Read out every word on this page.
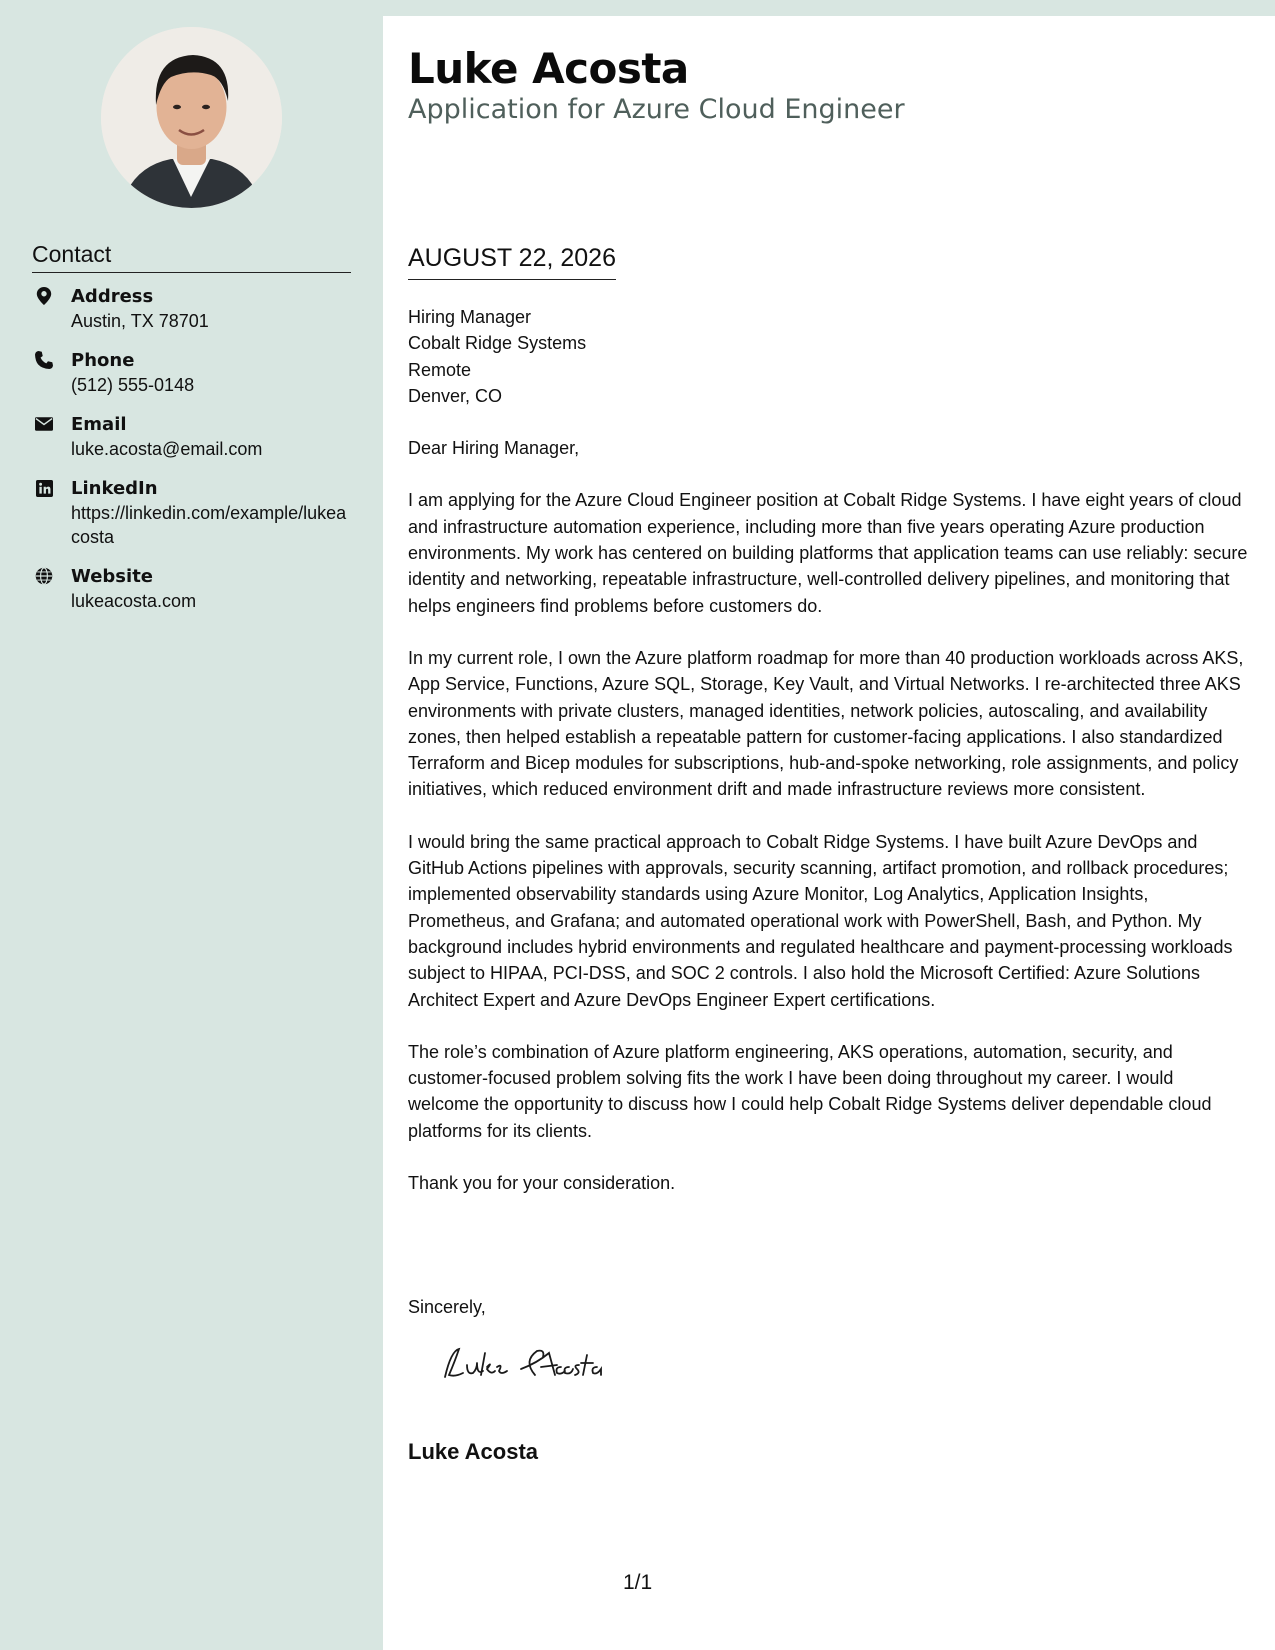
Contact
Address
Austin, TX 78701
Phone
(512) 555-0148
Email
luke.acosta@email.com
LinkedIn
https://linkedin.com/example/lukeacosta
Website
lukeacosta.com
Luke Acosta
Application for Azure Cloud Engineer
AUGUST 22, 2026
Hiring Manager
Cobalt Ridge Systems
Remote
Denver, CO
Dear Hiring Manager,
I am applying for the Azure Cloud Engineer position at Cobalt Ridge Systems. I have eight years of cloud and infrastructure automation experience, including more than five years operating Azure production environments. My work has centered on building platforms that application teams can use reliably: secure identity and networking, repeatable infrastructure, well-controlled delivery pipelines, and monitoring that helps engineers find problems before customers do.
In my current role, I own the Azure platform roadmap for more than 40 production workloads across AKS, App Service, Functions, Azure SQL, Storage, Key Vault, and Virtual Networks. I re-architected three AKS environments with private clusters, managed identities, network policies, autoscaling, and availability zones, then helped establish a repeatable pattern for customer-facing applications. I also standardized Terraform and Bicep modules for subscriptions, hub-and-spoke networking, role assignments, and policy initiatives, which reduced environment drift and made infrastructure reviews more consistent.
I would bring the same practical approach to Cobalt Ridge Systems. I have built Azure DevOps and GitHub Actions pipelines with approvals, security scanning, artifact promotion, and rollback procedures; implemented observability standards using Azure Monitor, Log Analytics, Application Insights, Prometheus, and Grafana; and automated operational work with PowerShell, Bash, and Python. My background includes hybrid environments and regulated healthcare and payment-processing workloads subject to HIPAA, PCI-DSS, and SOC 2 controls. I also hold the Microsoft Certified: Azure Solutions Architect Expert and Azure DevOps Engineer Expert certifications.
The role’s combination of Azure platform engineering, AKS operations, automation, security, and customer-focused problem solving fits the work I have been doing throughout my career. I would welcome the opportunity to discuss how I could help Cobalt Ridge Systems deliver dependable cloud platforms for its clients.
Thank you for your consideration.
Sincerely,
Luke Acosta
1/1
